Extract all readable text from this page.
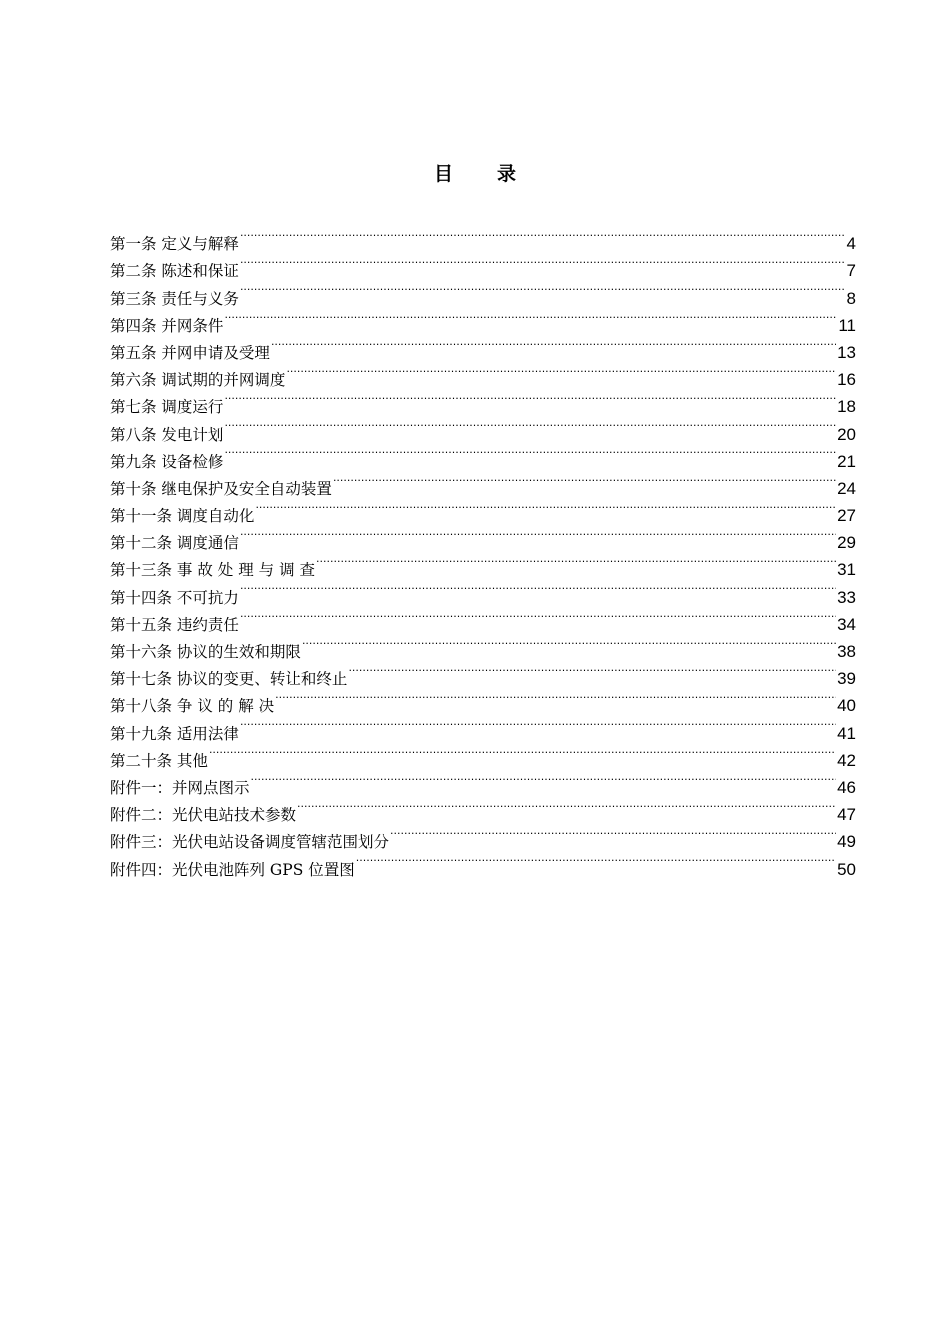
目录
第一条 定义与解释 ·····	4
第二条 陈述和保证 ·····	7
第三条 责任与义务 ·····	8
第四条 并网条件 ·····	11
第五条 并网申请及受理 ·····	13
第六条 调试期的并网调度 ·····	16
第七条 调度运行 ·····	18
第八条 发电计划 ·····	20
第九条 设备检修 ·····	21
第十条 继电保护及安全自动装置 ·····	24
第十一条 调度自动化 ·····	27
第十二条 调度通信 ·····	29
第十三条 事 故 处 理 与 调 查 ·····	31
第十四条 不可抗力 ·····	33
第十五条 违约责任 ·····	34
第十六条 协议的生效和期限 ·····	38
第十七条 协议的变更、转让和终止 ·····	39
第十八条 争 议 的 解 决 ·····	40
第十九条 适用法律 ·····	41
第二十条 其他 ·····	42
附件一：并网点图示 ·····	46
附件二：光伏电站技术参数 ·····	47
附件三：光伏电站设备调度管辖范围划分 ·····	49
附件四：光伏电池阵列 GPS 位置图 ·····	50
